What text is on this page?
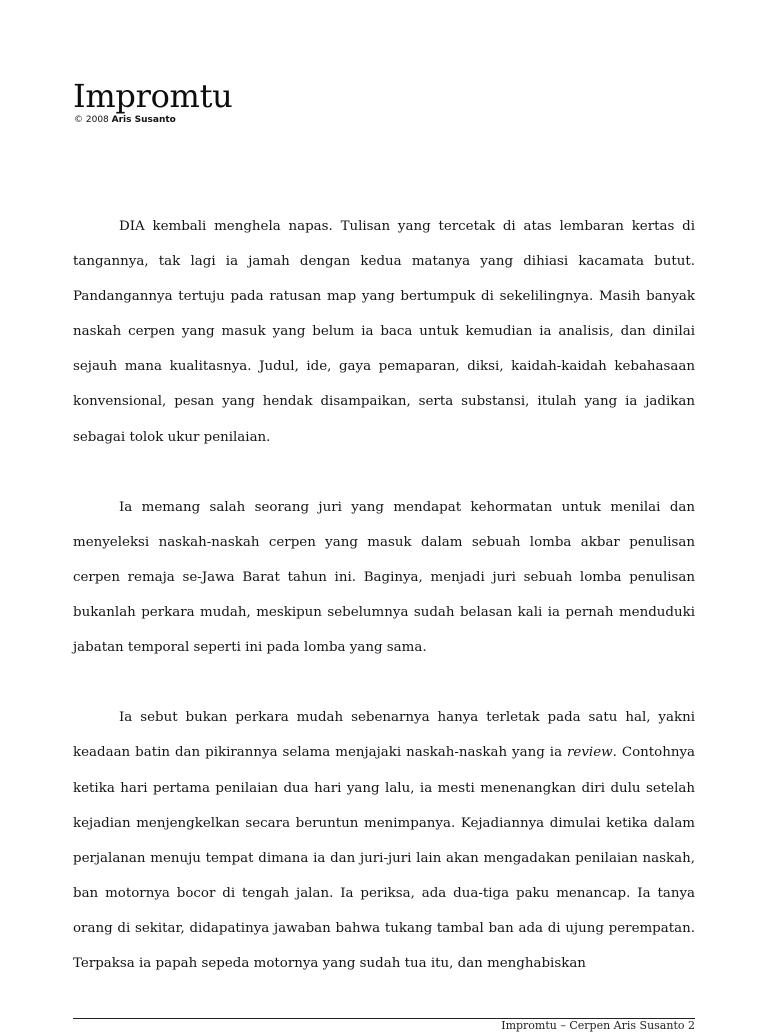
Impromtu
© 2008 Aris Susanto

DIA kembali menghela napas. Tulisan yang tercetak di atas lembaran kertas di tangannya, tak lagi ia jamah dengan kedua matanya yang dihiasi kacamata butut. Pandangannya tertuju pada ratusan map yang bertumpuk di sekelilingnya. Masih banyak naskah cerpen yang masuk yang belum ia baca untuk kemudian ia analisis, dan dinilai sejauh mana kualitasnya. Judul, ide, gaya pemaparan, diksi, kaidah-kaidah kebahasaan konvensional, pesan yang hendak disampaikan, serta substansi, itulah yang ia jadikan sebagai tolok ukur penilaian.

Ia memang salah seorang juri yang mendapat kehormatan untuk menilai dan menyeleksi naskah-naskah cerpen yang masuk dalam sebuah lomba akbar penulisan cerpen remaja se-Jawa Barat tahun ini. Baginya, menjadi juri sebuah lomba penulisan bukanlah perkara mudah, meskipun sebelumnya sudah belasan kali ia pernah menduduki jabatan temporal seperti ini pada lomba yang sama.

Ia sebut bukan perkara mudah sebenarnya hanya terletak pada satu hal, yakni keadaan batin dan pikirannya selama menjajaki naskah-naskah yang ia review. Contohnya ketika hari pertama penilaian dua hari yang lalu, ia mesti menenangkan diri dulu setelah kejadian menjengkelkan secara beruntun menimpanya. Kejadiannya dimulai ketika dalam perjalanan menuju tempat dimana ia dan juri-juri lain akan mengadakan penilaian naskah, ban motornya bocor di tengah jalan. Ia periksa, ada dua-tiga paku menancap. Ia tanya orang di sekitar, didapatinya jawaban bahwa tukang tambal ban ada di ujung perempatan. Terpaksa ia papah sepeda motornya yang sudah tua itu, dan menghabiskan

Impromtu – Cerpen Aris Susanto 2
